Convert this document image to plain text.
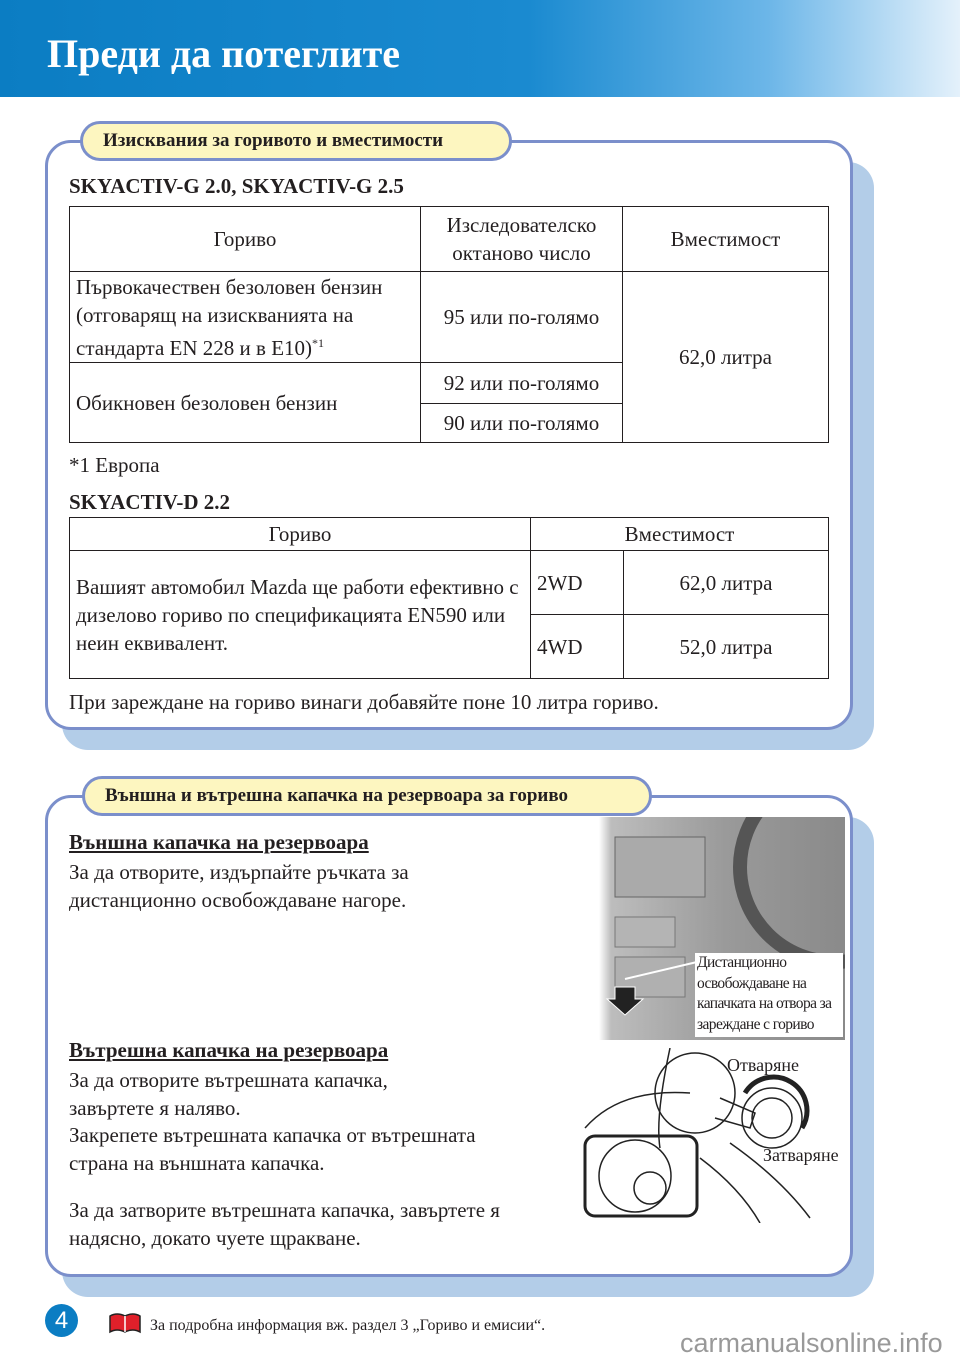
Преди да потеглите
Изисквания за горивото и вместимости
SKYACTIV-G 2.0, SKYACTIV-G 2.5
Гориво	Изследователско октаново число	Вместимост
Първокачествен безоловен бензин (отговарящ на изискванията на стандарта EN 228 и в E10)$^{*1}$	95 или по-голямо	62,0 литра
Обикновен безоловен бензин	92 или по-голямо	
	90 или по-голямо	
*1 Европа
SKYACTIV-D 2.2
Гориво	Вместимост	
Вашият автомобил Mazda ще работи ефективно с дизелово гориво по спецификацията EN590 или неин еквивалент.	2WD	62,0 литра
	4WD	52,0 литра
При зареждане на гориво винаги добавяйте поне 10 литра гориво.
Външна и вътрешна капачка на резервоара за гориво
Външна капачка на резервоара
За да отворите, издърпайте ръчката за дистанционно освобождаване нагоре.
Дистанционно освобождаване на капачката на отвора за зареждане с гориво
Вътрешна капачка на резервоара
За да отворите вътрешната капачка, завъртете я наляво.
Закрепете вътрешната капачка от вътрешната страна на външната капачка.
За да затворите вътрешната капачка, завъртете я надясно, докато чуете щракване.
Отваряне
Затваряне
4	За подробна информация вж. раздел 3 „Гориво и емисии“.
carmanualsonline.info
